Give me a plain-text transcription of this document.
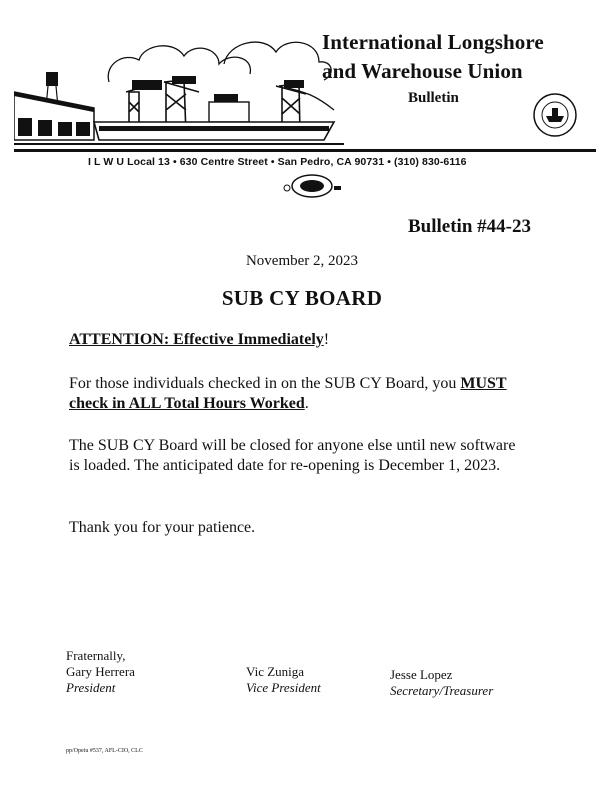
International Longshore
and Warehouse Union
Bulletin
I L W U Local 13 • 630 Centre Street • San Pedro, CA 90731 • (310) 830-6116
Bulletin #44-23
November 2, 2023
SUB CY BOARD
ATTENTION: Effective Immediately!
For those individuals checked in on the SUB CY Board, you MUST check in ALL Total Hours Worked.
The SUB CY Board will be closed for anyone else until new software is loaded. The anticipated date for re-opening is December 1, 2023.
Thank you for your patience.
Fraternally,
Gary Herrera
President
Vic Zuniga
Vice President
Jesse Lopez
Secretary/Treasurer
pp/Opeiu #537, AFL-CIO, CLC
